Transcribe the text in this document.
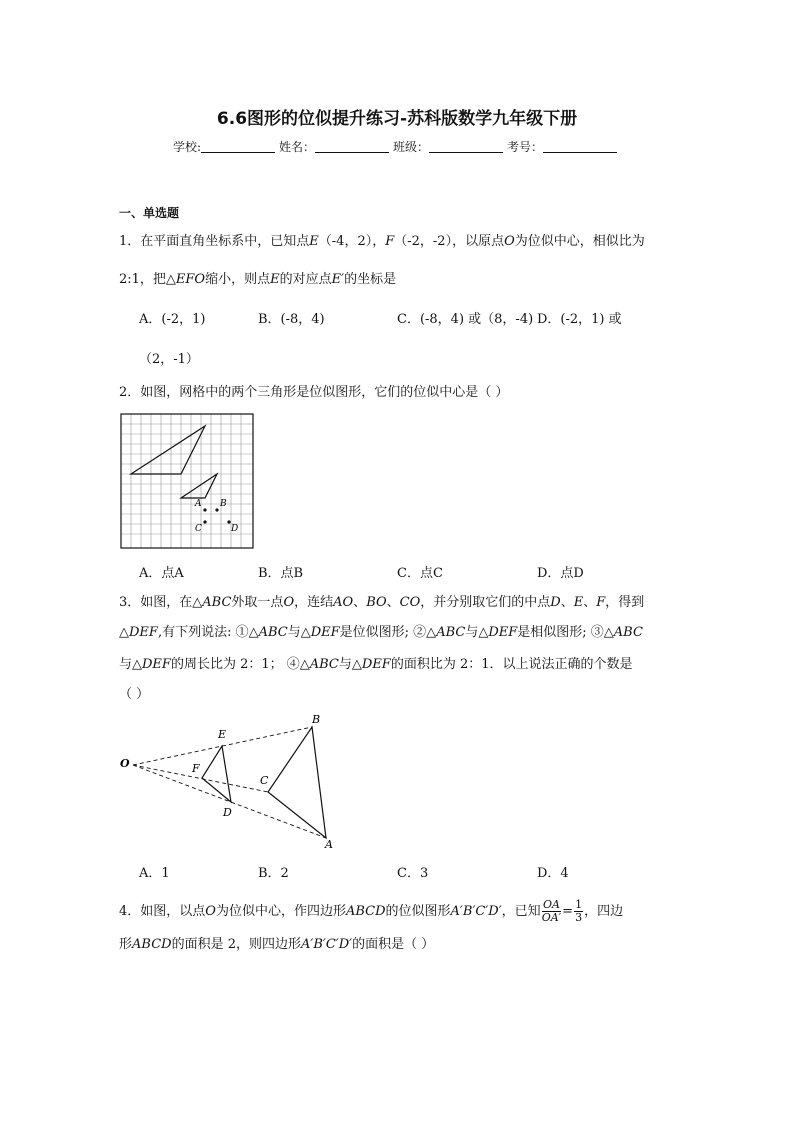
6.6图形的位似提升练习-苏科版数学九年级下册
学校:	姓名：	班级：	考号：
一、单选题
1．在平面直角坐标系中，已知点E（-4，2），F（-2，-2），以原点O为位似中心，相似比为
2:1，把△EFO缩小，则点E的对应点E′的坐标是
A．(-2，1)	B．(-8，4)	C．(-8，4) 或（8，-4) D．(-2，1) 或
（2，-1）
2．如图，网格中的两个三角形是位似图形，它们的位似中心是（ ）
A B
C	D
A．点A	B．点B	C．点C	D．点D
3．如图，在△ABC外取一点O，连结AO、BO、CO，并分别取它们的中点D、E、F，得到
△DEF,有下列说法: ①△ABC与△DEF是位似图形; ②△ABC与△DEF是相似图形; ③△ABC
与△DEF的周长比为 2：1； ④△ABC与△DEF的面积比为 2：1．以上说法正确的个数是
（ ）
O
E
F
D
B
C
A
A．1	B．2	C．3	D．4
4．如图，以点O为位似中心，作四边形ABCD的位似图形A′B′C′D′，已知 $\frac{OA}{OA'} = \frac{1}{3}$ ，四边
形ABCD的面积是 2，则四边形A′B′C′D′的面积是（ ）
